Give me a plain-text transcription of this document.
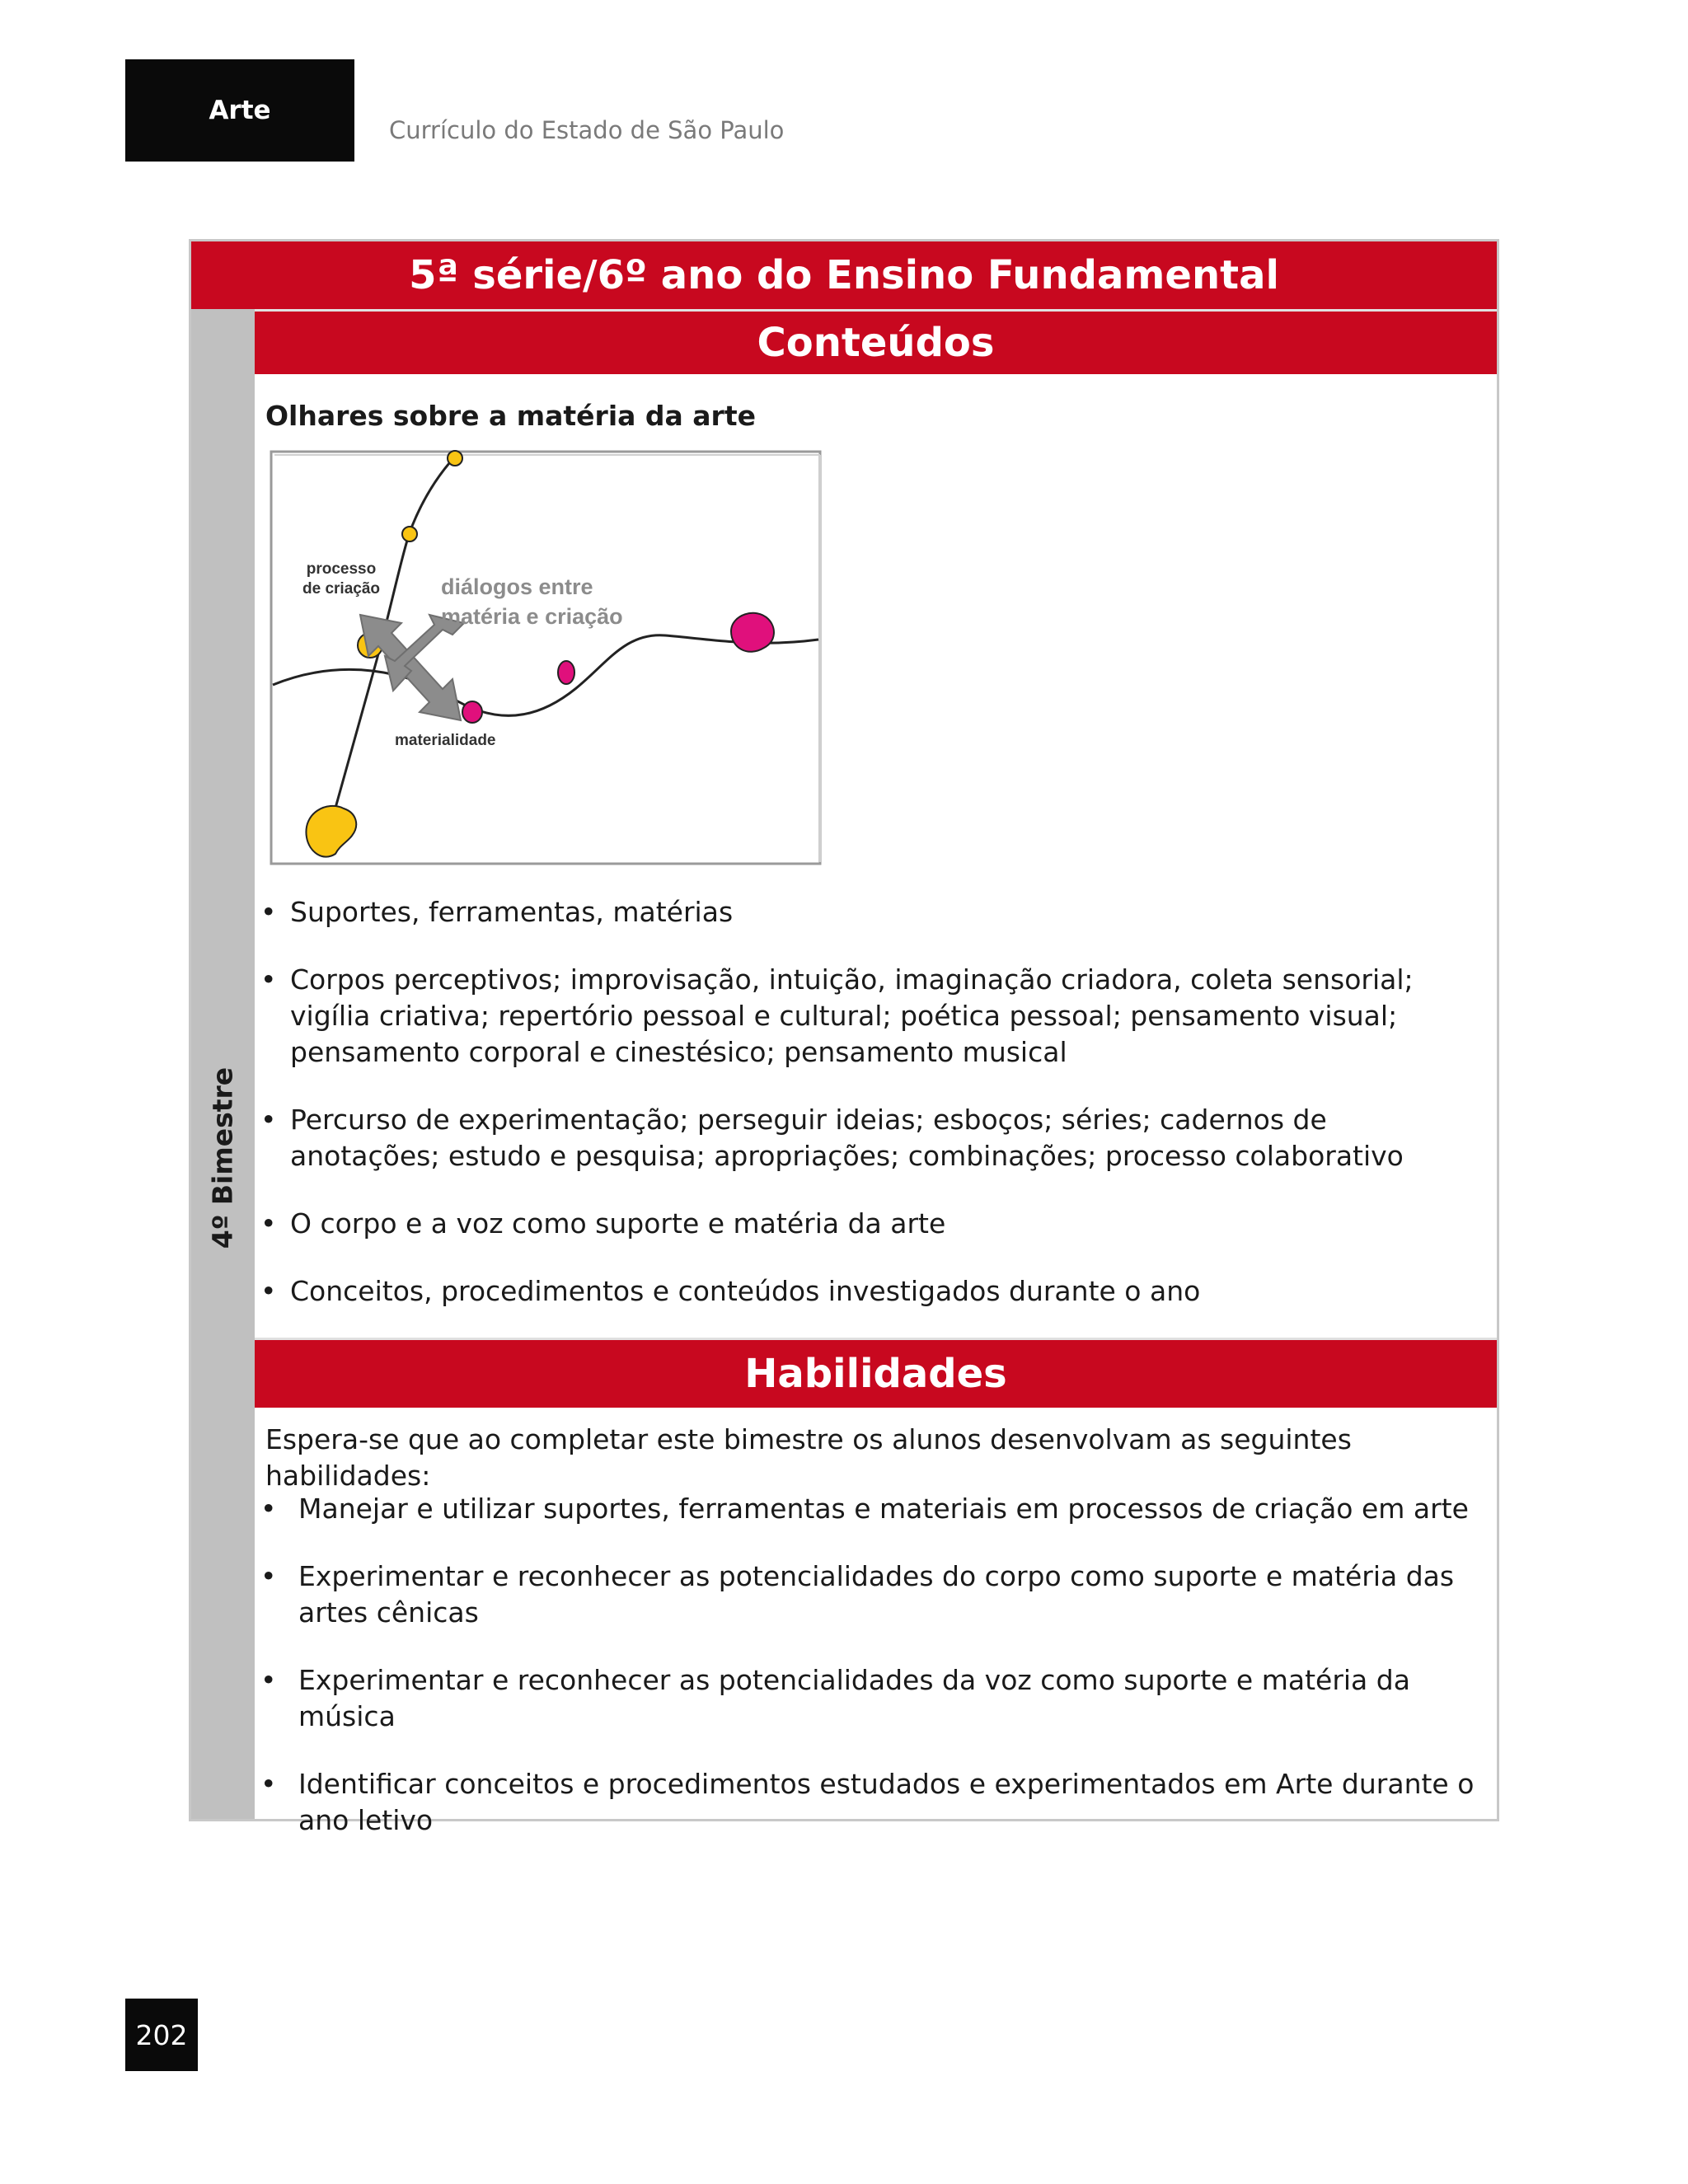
Arte
Currículo do Estado de São Paulo
5ª série/6º ano do Ensino Fundamental
4º Bimestre
Conteúdos
Olhares sobre a matéria da arte
processo
de criação	diálogos entre
matéria e criação
materialidade
• Suportes, ferramentas, matérias
• Corpos perceptivos; improvisação, intuição, imaginação criadora, coleta sensorial; vigília criativa; repertório pessoal e cultural; poética pessoal; pensamento visual; pensamento corporal e cinestésico; pensamento musical
• Percurso de experimentação; perseguir ideias; esboços; séries; cadernos de anotações; estudo e pesquisa; apropriações; combinações; processo colaborativo
• O corpo e a voz como suporte e matéria da arte
• Conceitos, procedimentos e conteúdos investigados durante o ano
Habilidades
Espera-se que ao completar este bimestre os alunos desenvolvam as seguintes habilidades:
• Manejar e utilizar suportes, ferramentas e materiais em processos de criação em arte
• Experimentar e reconhecer as potencialidades do corpo como suporte e matéria das artes cênicas
• Experimentar e reconhecer as potencialidades da voz como suporte e matéria da música
• Identificar conceitos e procedimentos estudados e experimentados em Arte durante o ano letivo
202
